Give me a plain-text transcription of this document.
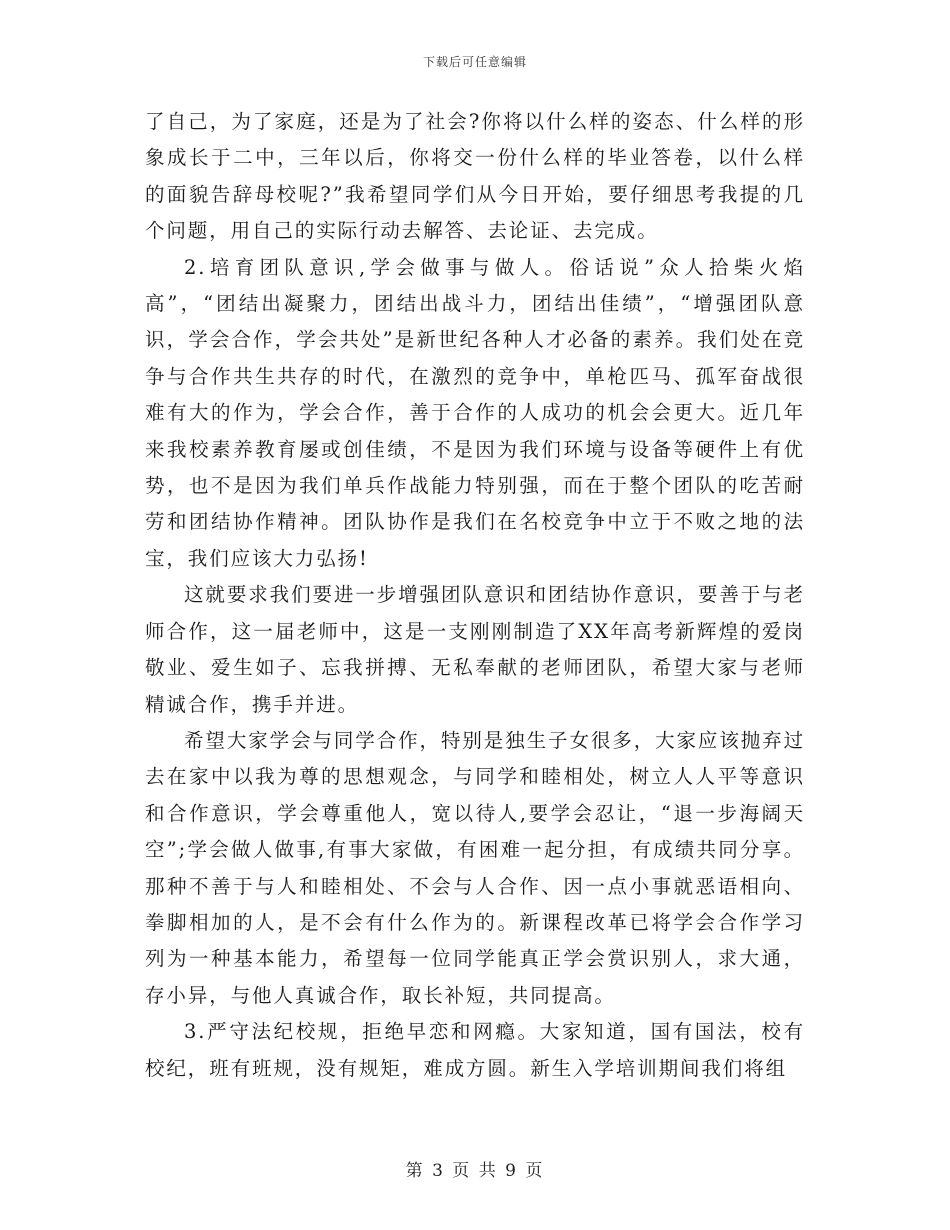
下载后可任意编辑

了自己，为了家庭，还是为了社会?你将以什么样的姿态、什么样的形象成长于二中，三年以后，你将交一份什么样的毕业答卷，以什么样的面貌告辞母校呢?”我希望同学们从今日开始，要仔细思考我提的几个问题，用自己的实际行动去解答、去论证、去完成。

2.培育团队意识,学会做事与做人。俗话说”众人拾柴火焰高”，“团结出凝聚力，团结出战斗力，团结出佳绩”，“增强团队意识，学会合作，学会共处”是新世纪各种人才必备的素养。我们处在竞争与合作共生共存的时代，在激烈的竞争中，单枪匹马、孤军奋战很难有大的作为，学会合作，善于合作的人成功的机会会更大。近几年来我校素养教育屡或创佳绩，不是因为我们环境与设备等硬件上有优势，也不是因为我们单兵作战能力特别强，而在于整个团队的吃苦耐劳和团结协作精神。团队协作是我们在名校竞争中立于不败之地的法宝，我们应该大力弘扬!

这就要求我们要进一步增强团队意识和团结协作意识，要善于与老师合作，这一届老师中，这是一支刚刚制造了XX年高考新辉煌的爱岗敬业、爱生如子、忘我拼搏、无私奉献的老师团队，希望大家与老师精诚合作，携手并进。

希望大家学会与同学合作，特别是独生子女很多，大家应该抛弃过去在家中以我为尊的思想观念，与同学和睦相处，树立人人平等意识和合作意识，学会尊重他人，宽以待人,要学会忍让，“退一步海阔天空”;学会做人做事,有事大家做，有困难一起分担，有成绩共同分享。那种不善于与人和睦相处、不会与人合作、因一点小事就恶语相向、拳脚相加的人，是不会有什么作为的。新课程改革已将学会合作学习列为一种基本能力，希望每一位同学能真正学会赏识别人，求大通，存小异，与他人真诚合作，取长补短，共同提高。

3.严守法纪校规，拒绝早恋和网瘾。大家知道，国有国法，校有校纪，班有班规，没有规矩，难成方圆。新生入学培训期间我们将组

第 3 页 共 9 页
